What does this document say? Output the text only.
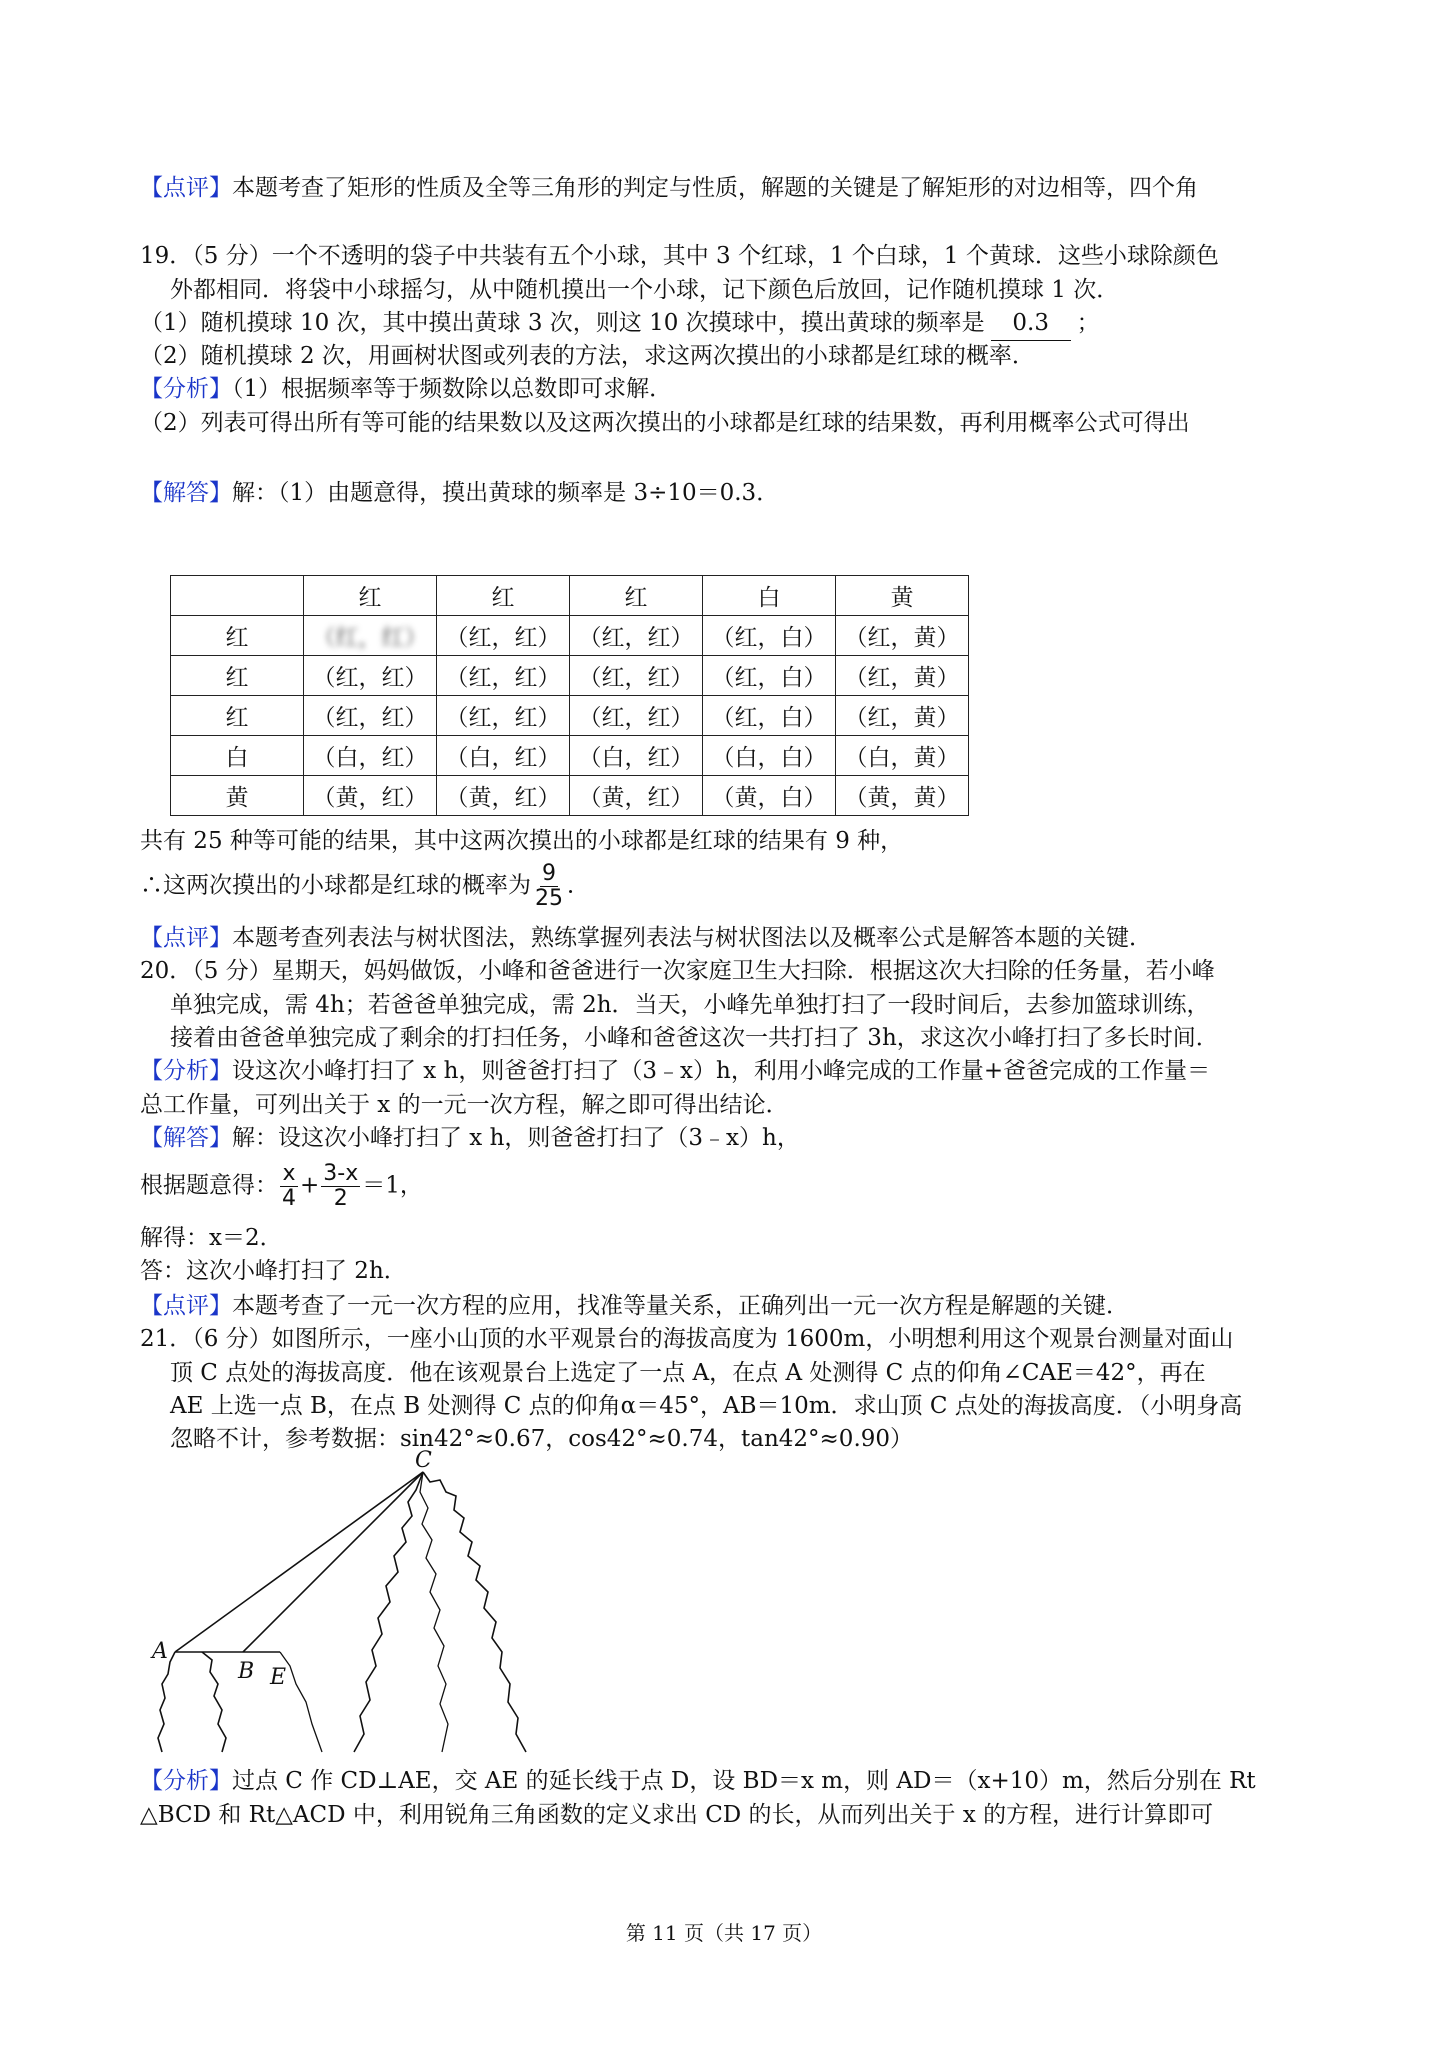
【点评】本题考查了矩形的性质及全等三角形的判定与性质，解题的关键是了解矩形的对边相等，四个角
19．（5 分）一个不透明的袋子中共装有五个小球，其中 3 个红球，1 个白球，1 个黄球．这些小球除颜色
外都相同．将袋中小球摇匀，从中随机摸出一个小球，记下颜色后放回，记作随机摸球 1 次．
（1）随机摸球 10 次，其中摸出黄球 3 次，则这 10 次摸球中，摸出黄球的频率是 0.3 ；
（2）随机摸球 2 次，用画树状图或列表的方法，求这两次摸出的小球都是红球的概率．
【分析】（1）根据频率等于频数除以总数即可求解．
（2）列表可得出所有等可能的结果数以及这两次摸出的小球都是红球的结果数，再利用概率公式可得出
【解答】解：（1）由题意得，摸出黄球的频率是 3÷10＝0.3．
	红	红	红	白	黄
红	（红，红）	（红，红）	（红，红）	（红，白）	（红，黄）
红	（红，红）	（红，红）	（红，红）	（红，白）	（红，黄）
红	（红，红）	（红，红）	（红，红）	（红，白）	（红，黄）
白	（白，红）	（白，红）	（白，红）	（白，白）	（白，黄）
黄	（黄，红）	（黄，红）	（黄，红）	（黄，白）	（黄，黄）
共有 25 种等可能的结果，其中这两次摸出的小球都是红球的结果有 9 种，
∴这两次摸出的小球都是红球的概率为 $\frac{9}{25}$ ．
【点评】本题考查列表法与树状图法，熟练掌握列表法与树状图法以及概率公式是解答本题的关键．
20．（5 分）星期天，妈妈做饭，小峰和爸爸进行一次家庭卫生大扫除．根据这次大扫除的任务量，若小峰
单独完成，需 4h；若爸爸单独完成，需 2h．当天，小峰先单独打扫了一段时间后，去参加篮球训练，
接着由爸爸单独完成了剩余的打扫任务，小峰和爸爸这次一共打扫了 3h，求这次小峰打扫了多长时间．
【分析】设这次小峰打扫了 x h，则爸爸打扫了（3﹣x）h，利用小峰完成的工作量+爸爸完成的工作量＝
总工作量，可列出关于 x 的一元一次方程，解之即可得出结论．
【解答】解：设这次小峰打扫了 x h，则爸爸打扫了（3﹣x）h，
根据题意得： $\frac{x}{4} + \frac{3-x}{2} =1$，
解得：x＝2．
答：这次小峰打扫了 2h．
【点评】本题考查了一元一次方程的应用，找准等量关系，正确列出一元一次方程是解题的关键．
21．（6 分）如图所示，一座小山顶的水平观景台的海拔高度为 1600m，小明想利用这个观景台测量对面山
顶 C 点处的海拔高度．他在该观景台上选定了一点 A，在点 A 处测得 C 点的仰角∠CAE＝42°，再在
AE 上选一点 B，在点 B 处测得 C 点的仰角α＝45°，AB＝10m．求山顶 C 点处的海拔高度．（小明身高
忽略不计，参考数据：sin42°≈0.67，cos42°≈0.74，tan42°≈0.90）
C
A
B E
【分析】过点 C 作 CD⊥AE，交 AE 的延长线于点 D，设 BD＝x m，则 AD＝（x+10）m，然后分别在 Rt
△BCD 和 Rt△ACD 中，利用锐角三角函数的定义求出 CD 的长，从而列出关于 x 的方程，进行计算即可
第 11 页（共 17 页）
